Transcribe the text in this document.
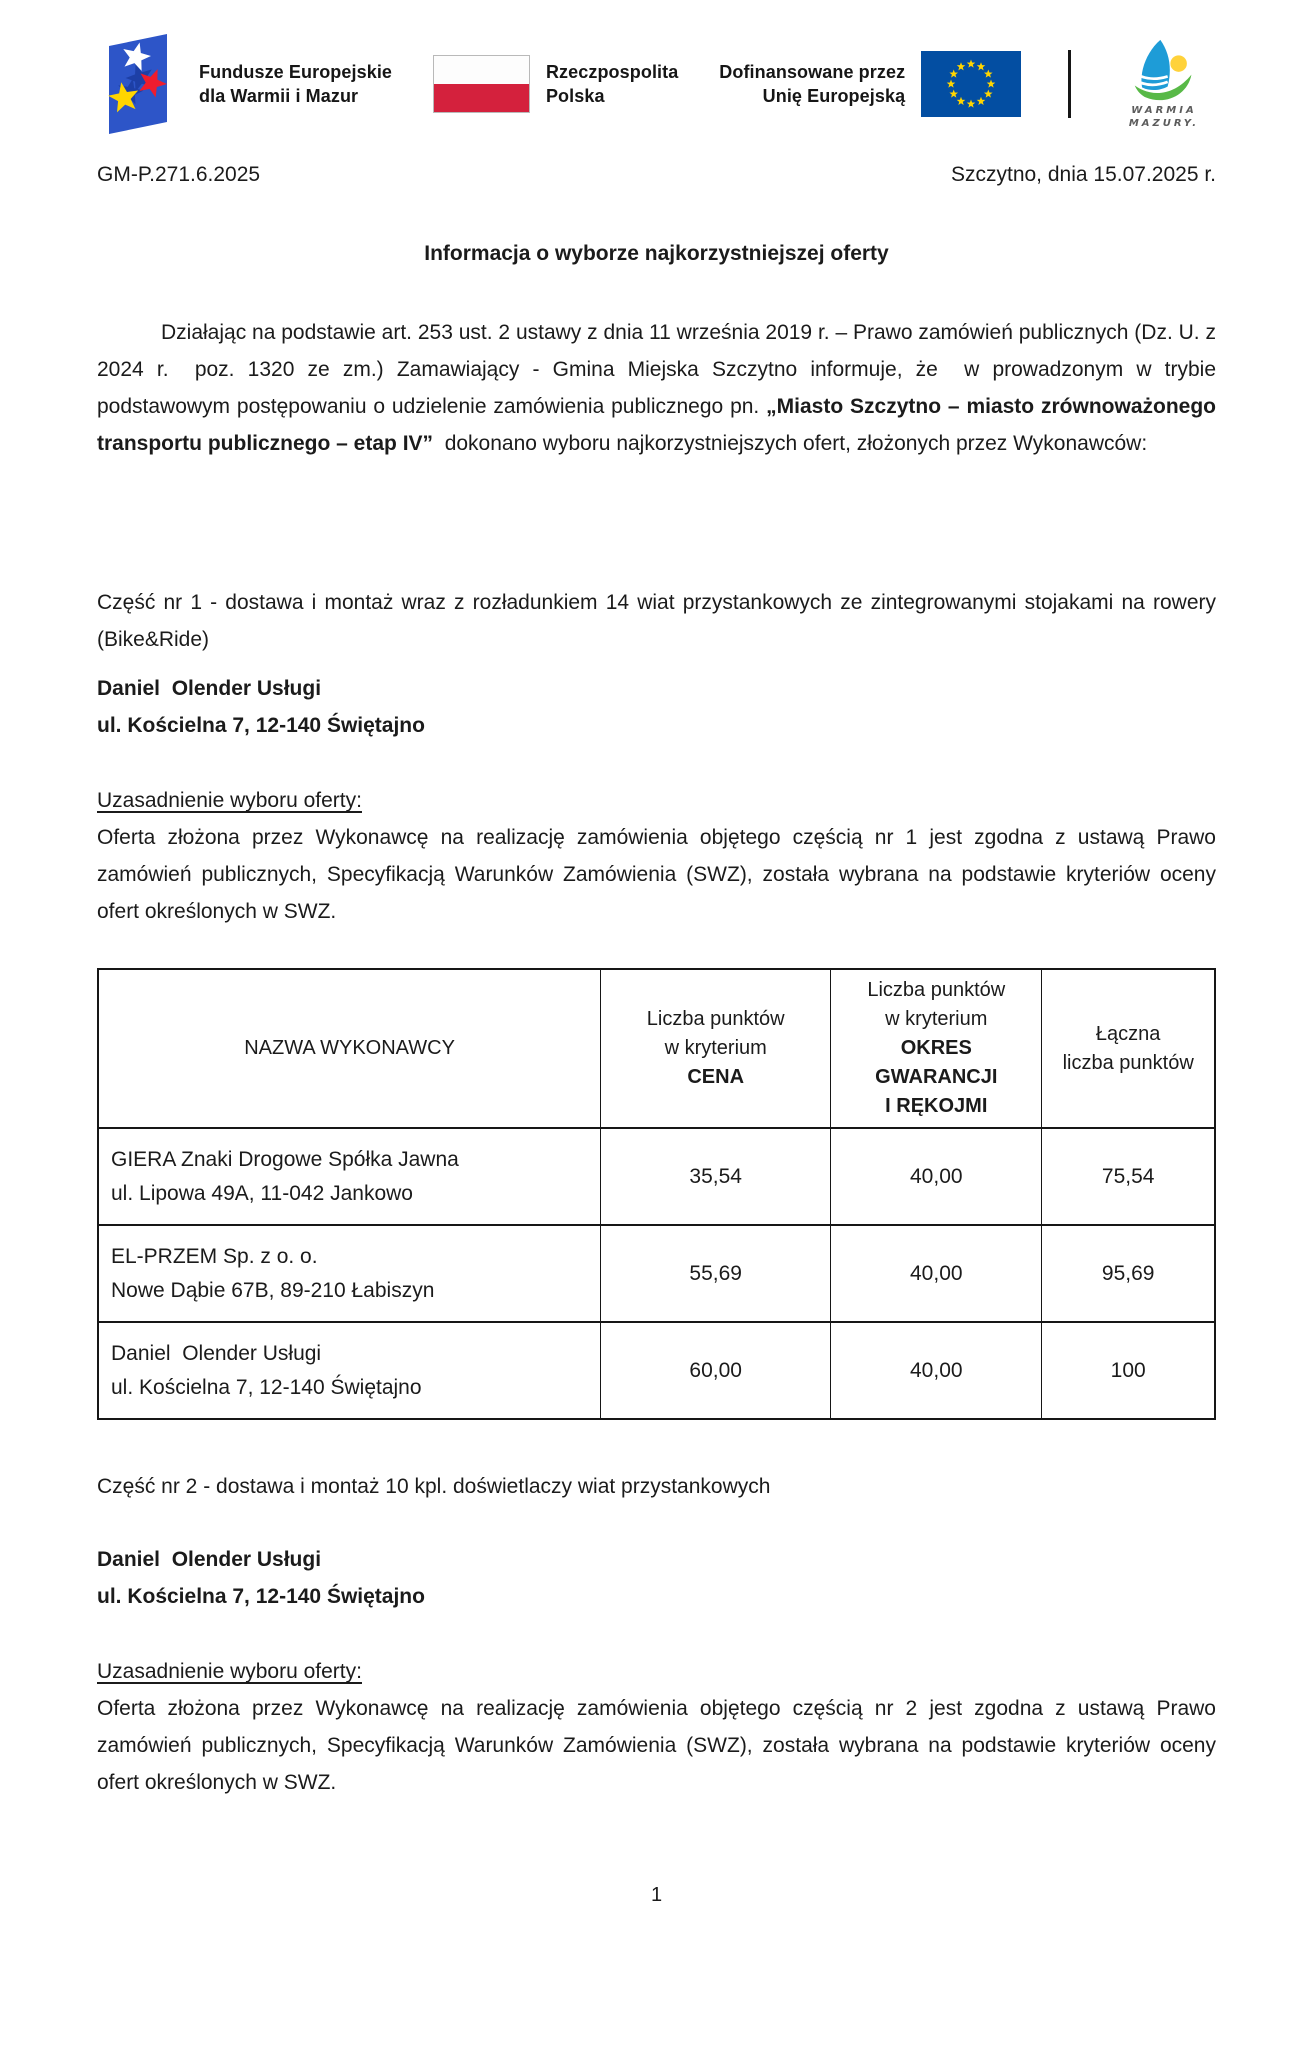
Fundusze Europejskie
dla Warmii i Mazur
Rzeczpospolita
Polska
Dofinansowane przez
Unię Europejską
WARMIA
MAZURY.
GM-P.271.6.2025	Szczytno, dnia 15.07.2025 r.
Informacja o wyborze najkorzystniejszej oferty

Działając na podstawie art. 253 ust. 2 ustawy z dnia 11 września 2019 r. – Prawo zamówień publicznych (Dz. U. z 2024 r.  poz. 1320 ze zm.) Zamawiający - Gmina Miejska Szczytno informuje, że  w prowadzonym w trybie podstawowym postępowaniu o udzielenie zamówienia publicznego pn. „Miasto Szczytno – miasto zrównoważonego transportu publicznego – etap IV”  dokonano wyboru najkorzystniejszych ofert, złożonych przez Wykonawców:

Część nr 1 - dostawa i montaż wraz z rozładunkiem 14 wiat przystankowych ze zintegrowanymi stojakami na rowery (Bike&Ride)

Daniel  Olender Usługi
ul. Kościelna 7, 12-140 Świętajno
Uzasadnienie wyboru oferty:

Oferta złożona przez Wykonawcę na realizację zamówienia objętego częścią nr 1 jest zgodna z ustawą Prawo zamówień publicznych, Specyfikacją Warunków Zamówienia (SWZ), została wybrana na podstawie kryteriów oceny ofert określonych w SWZ.

NAZWA WYKONAWCY	Liczba punktów
w kryterium
CENA	Liczba punktów
w kryterium
OKRES GWARANCJI
I RĘKOJMI	Łączna
liczba punktów

GIERA Znaki Drogowe Spółka Jawna
ul. Lipowa 49A, 11-042 Jankowo	35,54	40,00	75,54

EL-PRZEM Sp. z o. o.
Nowe Dąbie 67B, 89-210 Łabiszyn	55,69	40,00	95,69

Daniel  Olender Usługi
ul. Kościelna 7, 12-140 Świętajno	60,00	40,00	100

Część nr 2 - dostawa i montaż 10 kpl. doświetlaczy wiat przystankowych

Daniel  Olender Usługi
ul. Kościelna 7, 12-140 Świętajno
Uzasadnienie wyboru oferty:

Oferta złożona przez Wykonawcę na realizację zamówienia objętego częścią nr 2 jest zgodna z ustawą Prawo zamówień publicznych, Specyfikacją Warunków Zamówienia (SWZ), została wybrana na podstawie kryteriów oceny ofert określonych w SWZ.

1
